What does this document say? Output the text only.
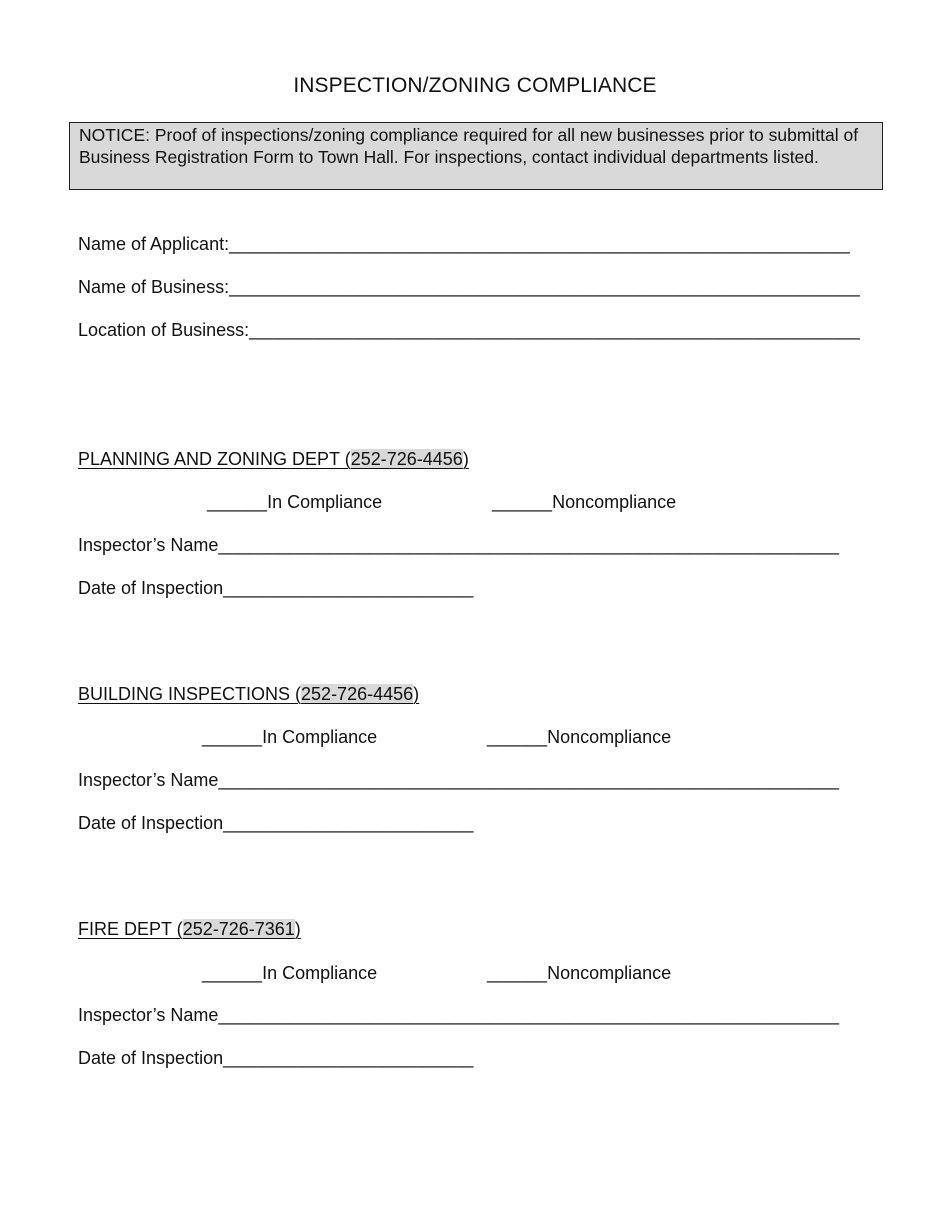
INSPECTION/ZONING COMPLIANCE
NOTICE: Proof of inspections/zoning compliance required for all new businesses prior to submittal of Business Registration Form to Town Hall. For inspections, contact individual departments listed.
Name of Applicant:______________________________________________________________
Name of Business:_______________________________________________________________
Location of Business:_____________________________________________________________
PLANNING AND ZONING DEPT (252-726-4456)
______In Compliance	______Noncompliance
Inspector’s Name______________________________________________________________
Date of Inspection_________________________
BUILDING INSPECTIONS (252-726-4456)
______In Compliance	______Noncompliance
Inspector’s Name______________________________________________________________
Date of Inspection_________________________
FIRE DEPT (252-726-7361)
______In Compliance	______Noncompliance
Inspector’s Name______________________________________________________________
Date of Inspection_________________________
